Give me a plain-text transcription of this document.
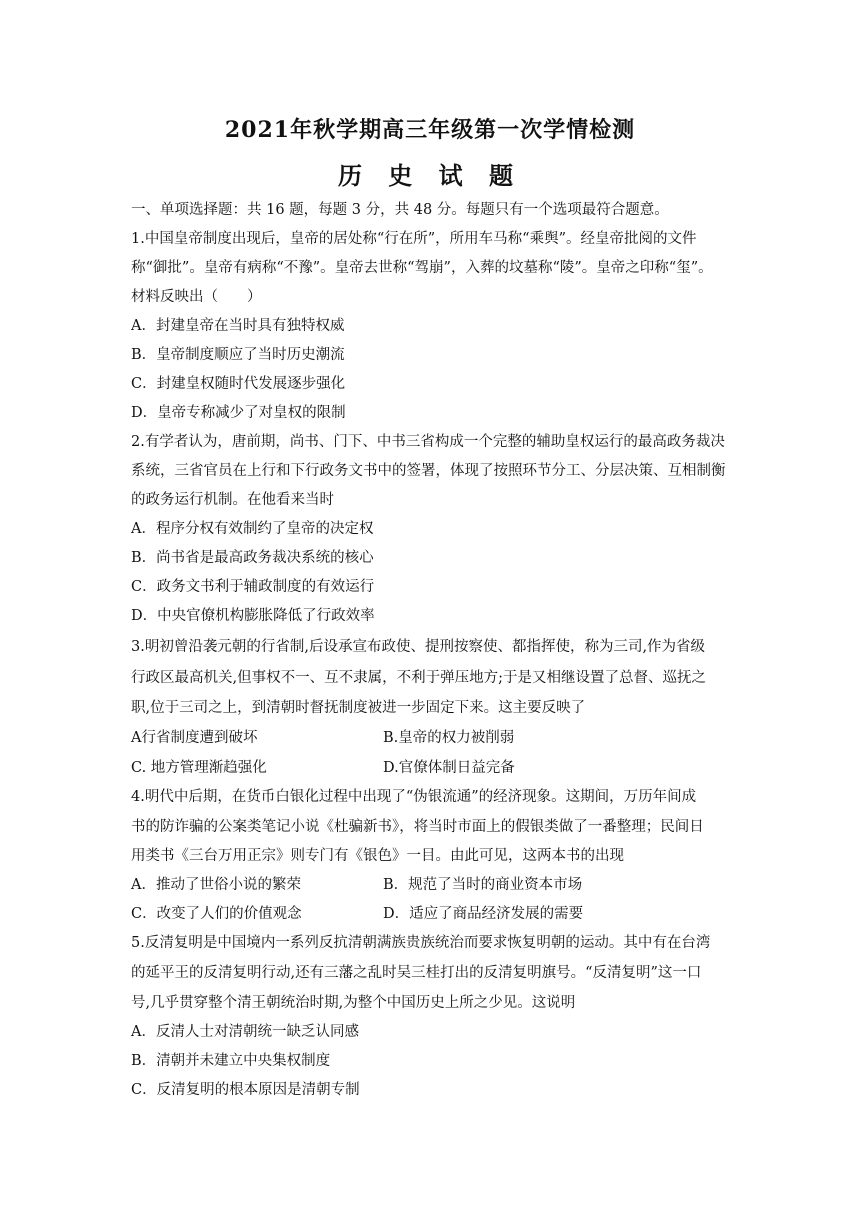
2021年秋学期高三年级第一次学情检测
历 史 试 题
一、单项选择题：共 16 题，每题 3 分，共 48 分。每题只有一个选项最符合题意。
1.中国皇帝制度出现后，皇帝的居处称“行在所”，所用车马称“乘舆”。经皇帝批阅的文件
称“御批”。皇帝有病称“不豫”。皇帝去世称“驾崩”，入葬的坟墓称“陵”。皇帝之印称“玺”。
材料反映出（　　）
A．封建皇帝在当时具有独特权威
B．皇帝制度顺应了当时历史潮流
C．封建皇权随时代发展逐步强化
D．皇帝专称减少了对皇权的限制
2.有学者认为，唐前期，尚书、门下、中书三省构成一个完整的辅助皇权运行的最高政务裁决
系统，三省官员在上行和下行政务文书中的签署，体现了按照环节分工、分层决策、互相制衡
的政务运行机制。在他看来当时
A．程序分权有效制约了皇帝的决定权
B．尚书省是最高政务裁决系统的核心
C．政务文书利于辅政制度的有效运行
D．中央官僚机构膨胀降低了行政效率
3.明初曾沿袭元朝的行省制,后设承宣布政使、提刑按察使、都指挥使，称为三司,作为省级
行政区最高机关,但事权不一、互不隶属，不利于弹压地方;于是又相继设置了总督、巡抚之
职,位于三司之上，到清朝时督抚制度被进一步固定下来。这主要反映了
A行省制度遭到破坏	B.皇帝的权力被削弱
C. 地方管理渐趋强化	D.官僚体制日益完备
4.明代中后期，在货币白银化过程中出现了“伪银流通”的经济现象。这期间，万历年间成
书的防诈骗的公案类笔记小说《杜骗新书》，将当时市面上的假银类做了一番整理；民间日
用类书《三台万用正宗》则专门有《银色》一目。由此可见，这两本书的出现
A．推动了世俗小说的繁荣	B．规范了当时的商业资本市场
C．改变了人们的价值观念	D．适应了商品经济发展的需要
5.反清复明是中国境内一系列反抗清朝满族贵族统治而要求恢复明朝的运动。其中有在台湾
的延平王的反清复明行动,还有三藩之乱时吴三桂打出的反清复明旗号。“反清复明”这一口
号,几乎贯穿整个清王朝统治时期,为整个中国历史上所之少见。这说明
A．反清人士对清朝统一缺乏认同感
B．清朝并未建立中央集权制度
C．反清复明的根本原因是清朝专制
